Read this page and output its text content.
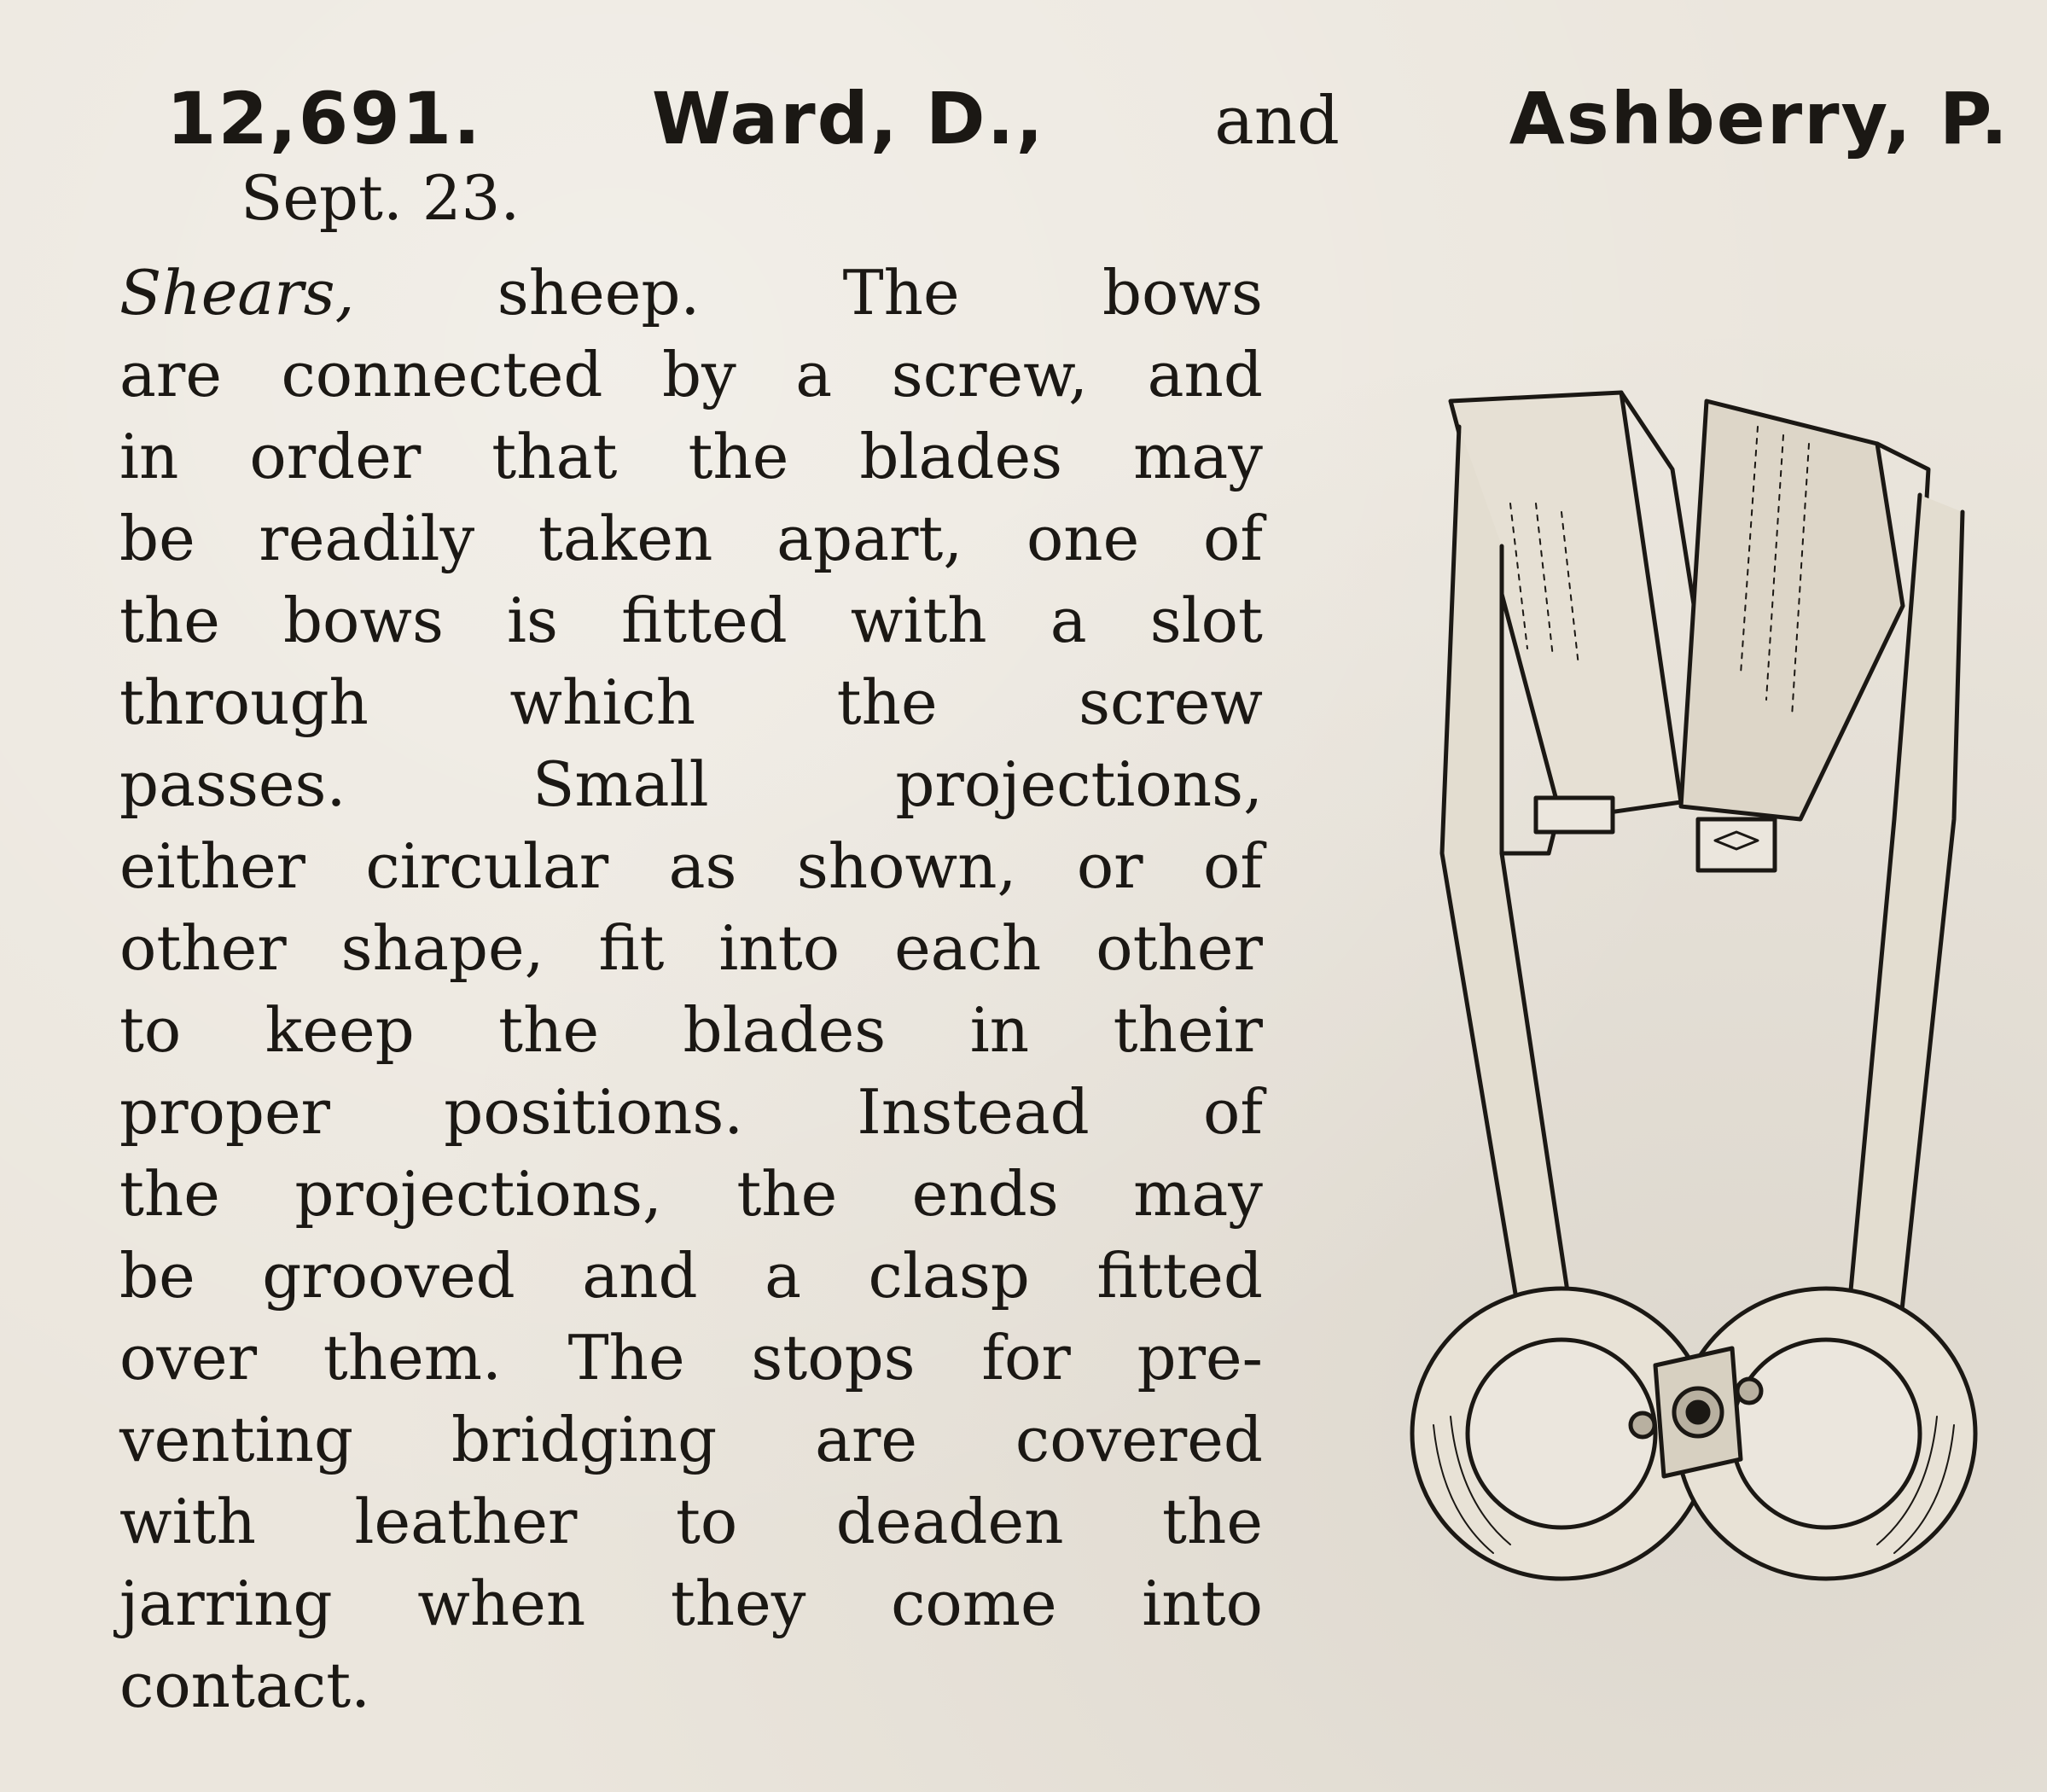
12,691. Ward, D.,	and Ashberry, P.
Sept. 23.
Shears, sheep. The bows
are connected by a screw, and
in order that the blades may
be readily taken apart, one of
the bows is fitted with a slot
through which the screw
passes.	Small	projections,
either circular as shown, or of
other shape, fit into each other
to keep the blades in their
proper positions. Instead of
the projections, the ends may
be grooved and a clasp fitted
over them. The stops for pre-
venting bridging are covered
with leather to deaden the
jarring when they come into
contact.
